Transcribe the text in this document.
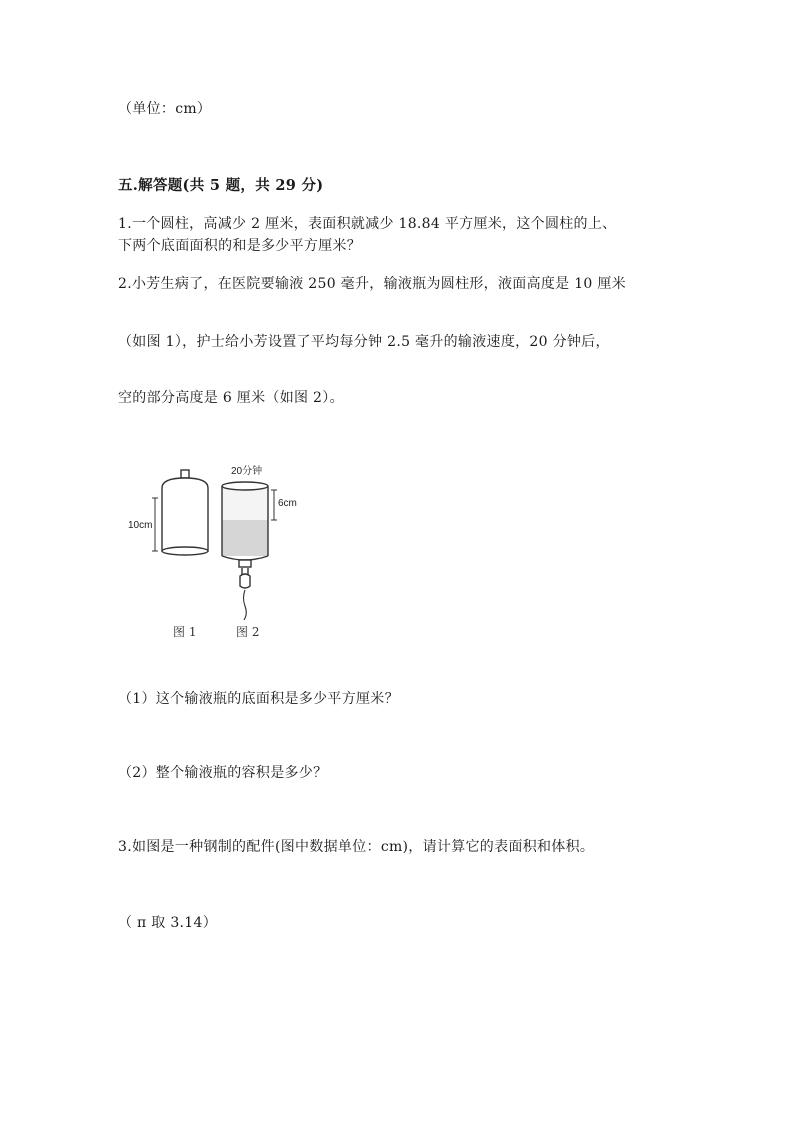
（单位：cm）
五.解答题(共 5 题，共 29 分)
1.一个圆柱，高减少 2 厘米，表面积就减少 18.84 平方厘米，这个圆柱的上、
下两个底面面积的和是多少平方厘米？
2.小芳生病了，在医院要输液 250 毫升，输液瓶为圆柱形，液面高度是 10 厘米
（如图 1），护士给小芳设置了平均每分钟 2.5 毫升的输液速度，20 分钟后，
空的部分高度是 6 厘米（如图 2）。
10cm
20分钟
6cm
图 1	图 2
（1）这个输液瓶的底面积是多少平方厘米？
（2）整个输液瓶的容积是多少？
3.如图是一种钢制的配件(图中数据单位：cm)，请计算它的表面积和体积。
（ π 取 3.14）
